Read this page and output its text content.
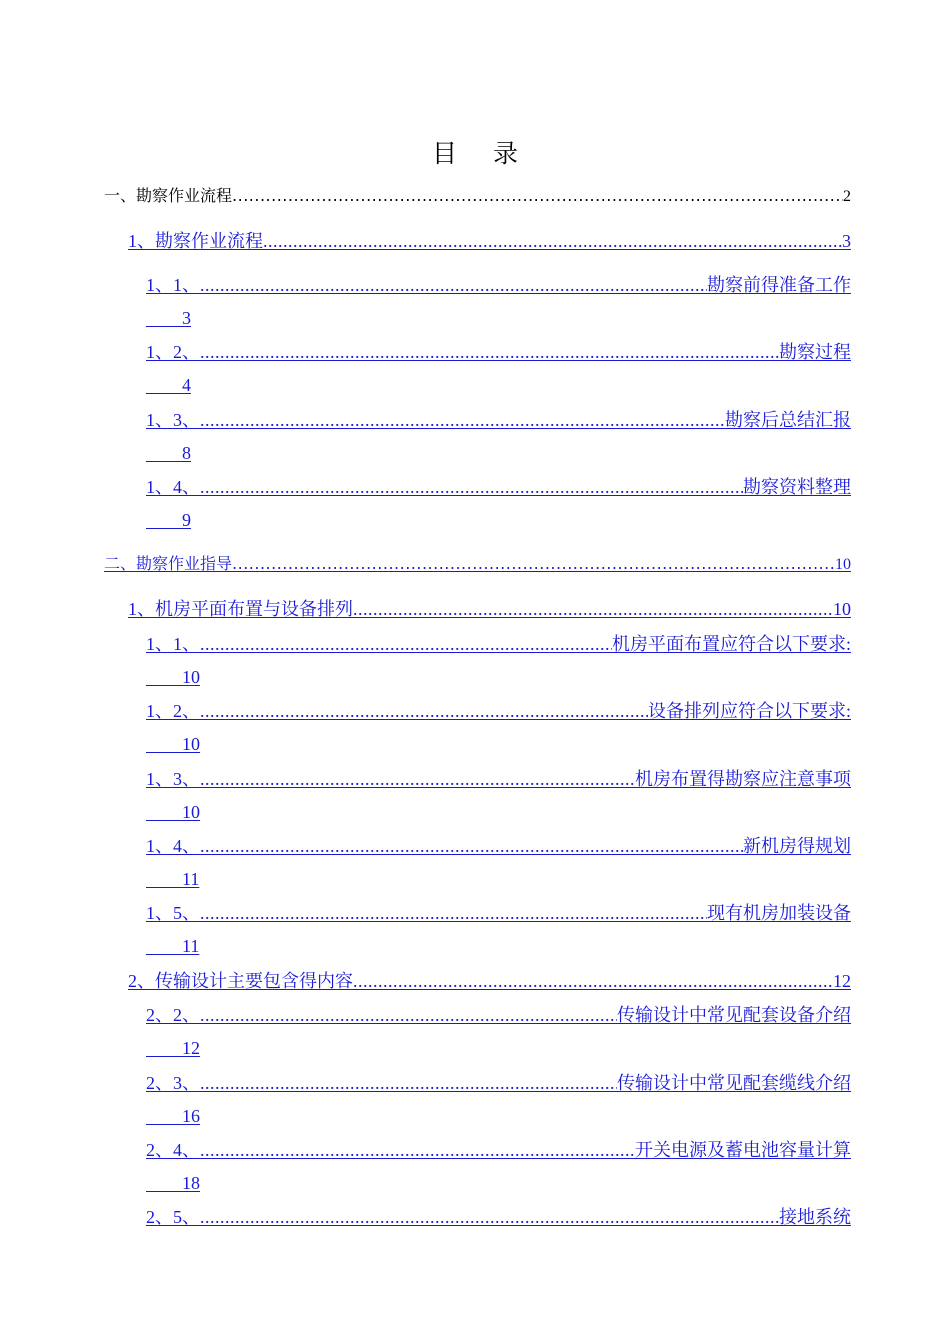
目 录
一、 勘察作业流程 .....	2
1、 勘察作业流程 .....	3
1、1、 .....	勘察前得准备工作
3
1、2、 .....	勘察过程
4
1、3、 .....	勘察后总结汇报
8
1、4、 .....	勘察资料整理
9
二、 勘察作业指导 .....	10
1、 机房平面布置与设备排列 .....	10
1、1、 .....	机房平面布置应符合以下要求:
10
1、2、 .....	设备排列应符合以下要求:
10
1、3、 .....	机房布置得勘察应注意事项
10
1、4、 .....	新机房得规划
11
1、5、 .....	现有机房加装设备
11
2、 传输设计主要包含得内容 .....	12
2、2、 .....	传输设计中常见配套设备介绍
12
2、3、 .....	传输设计中常见配套缆线介绍
16
2、4、 .....	开关电源及蓄电池容量计算
18
2、5、 .....	接地系统
